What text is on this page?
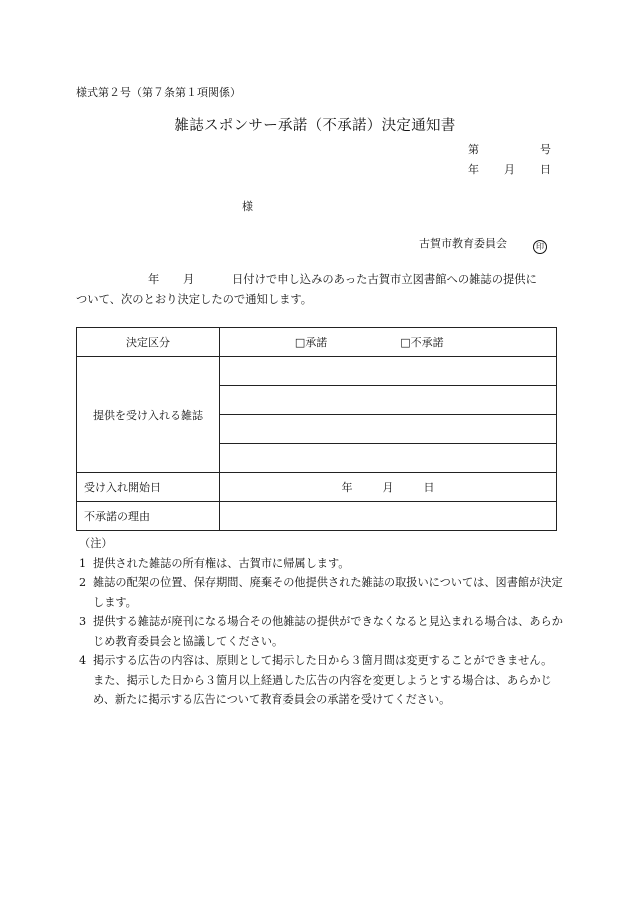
様式第２号（第７条第１項関係）
雑誌スポンサー承諾（不承諾）決定通知書
第	号
年 月 日
様
古賀市教育委員会	印
年 月	日付けで申し込みのあった古賀市立図書館への雑誌の提供に
ついて、次のとおり決定したので通知します。
決定区分	□承諾 □不承諾
提供を受け入れる雑誌	

受け入れ開始日	年 月 日
不承諾の理由	
（注）
1 提供された雑誌の所有権は、古賀市に帰属します。
2 雑誌の配架の位置、保存期間、廃棄その他提供された雑誌の取扱いについては、図書館が決定します。
3 提供する雑誌が廃刊になる場合その他雑誌の提供ができなくなると見込まれる場合は、あらかじめ教育委員会と協議してください。
4 掲示する広告の内容は、原則として掲示した日から３箇月間は変更することができません。また、掲示した日から３箇月以上経過した広告の内容を変更しようとする場合は、あらかじめ、新たに掲示する広告について教育委員会の承諾を受けてください。
